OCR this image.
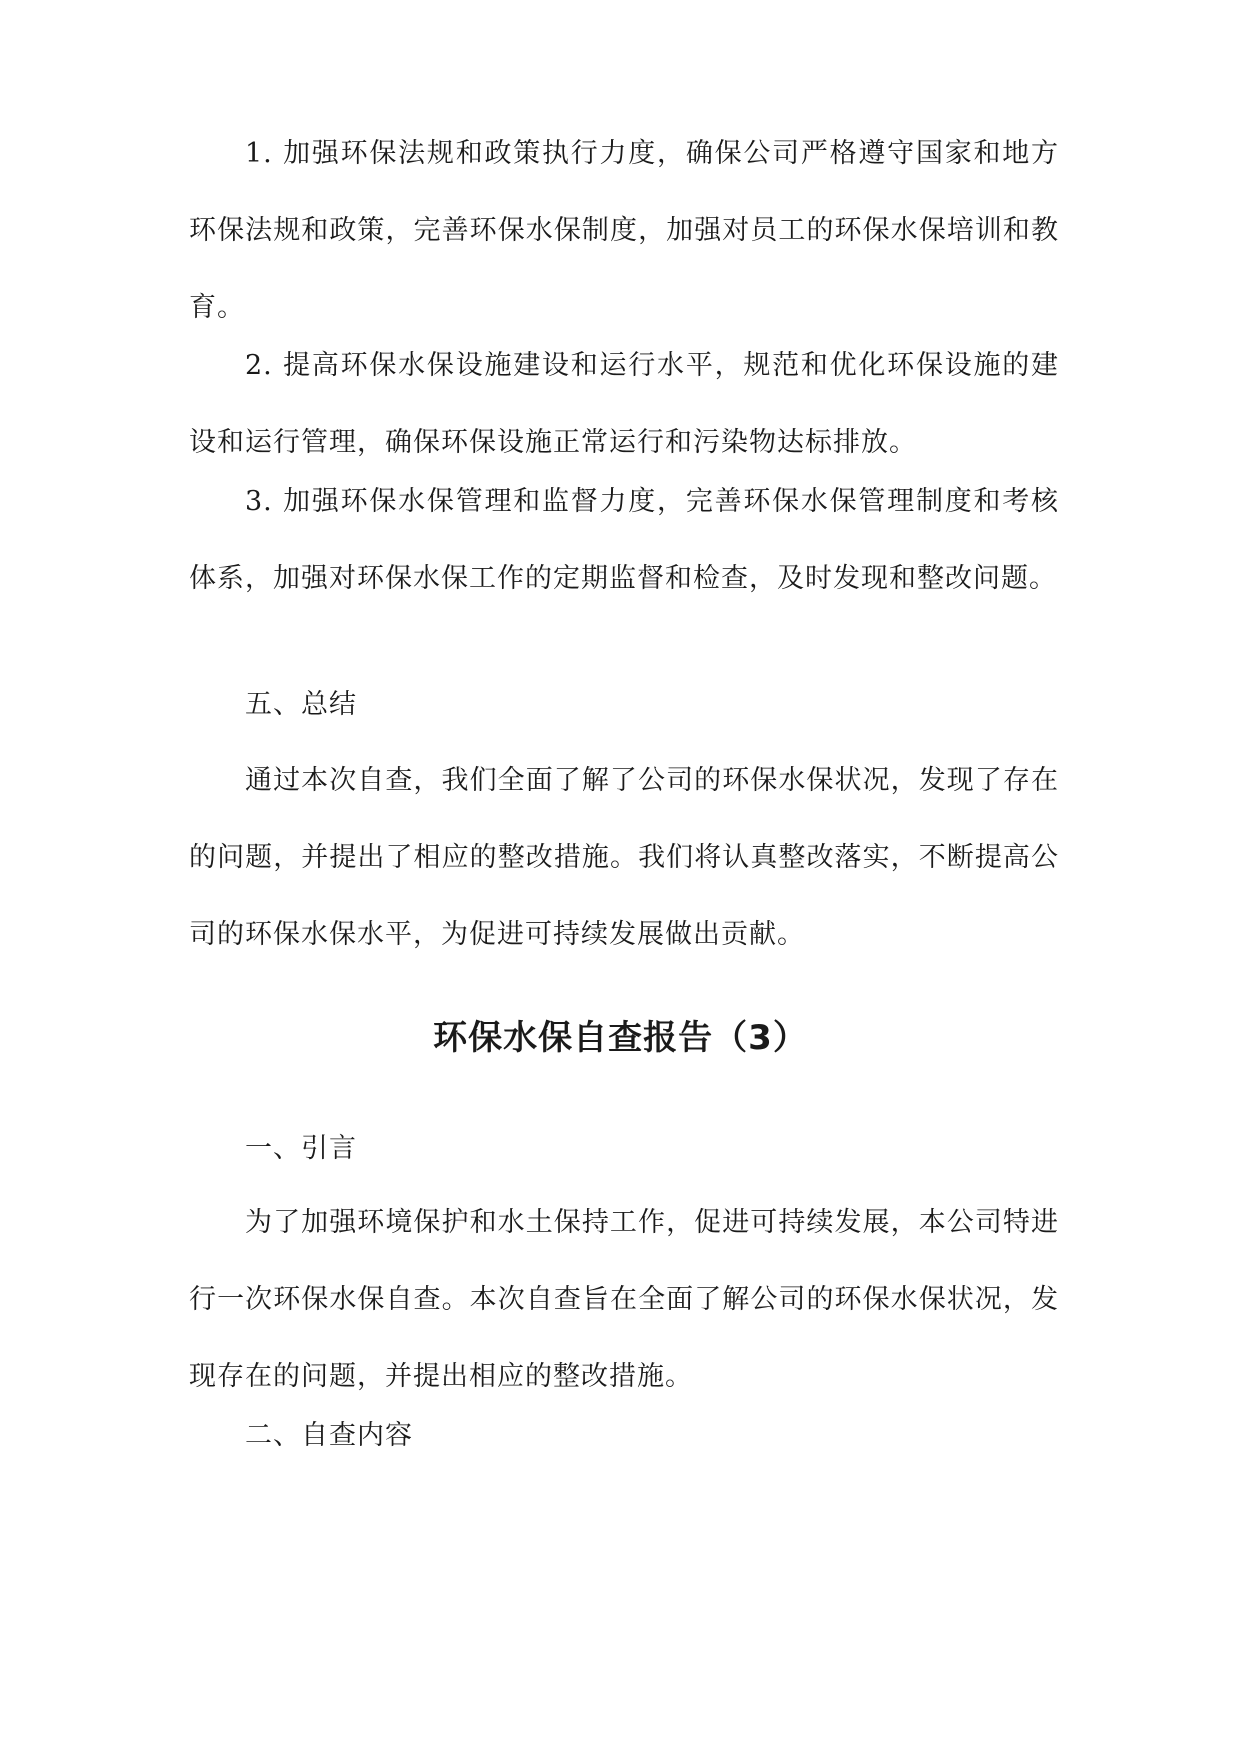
1. 加强环保法规和政策执行力度，确保公司严格遵守国家和地方环保法规和政策，完善环保水保制度，加强对员工的环保水保培训和教育。

2. 提高环保水保设施建设和运行水平，规范和优化环保设施的建设和运行管理，确保环保设施正常运行和污染物达标排放。

3. 加强环保水保管理和监督力度，完善环保水保管理制度和考核体系，加强对环保水保工作的定期监督和检查，及时发现和整改问题。

五、总结

通过本次自查，我们全面了解了公司的环保水保状况，发现了存在的问题，并提出了相应的整改措施。我们将认真整改落实，不断提高公司的环保水保水平，为促进可持续发展做出贡献。

环保水保自查报告（3）

一、引言

为了加强环境保护和水土保持工作，促进可持续发展，本公司特进行一次环保水保自查。本次自查旨在全面了解公司的环保水保状况，发现存在的问题，并提出相应的整改措施。

二、自查内容
